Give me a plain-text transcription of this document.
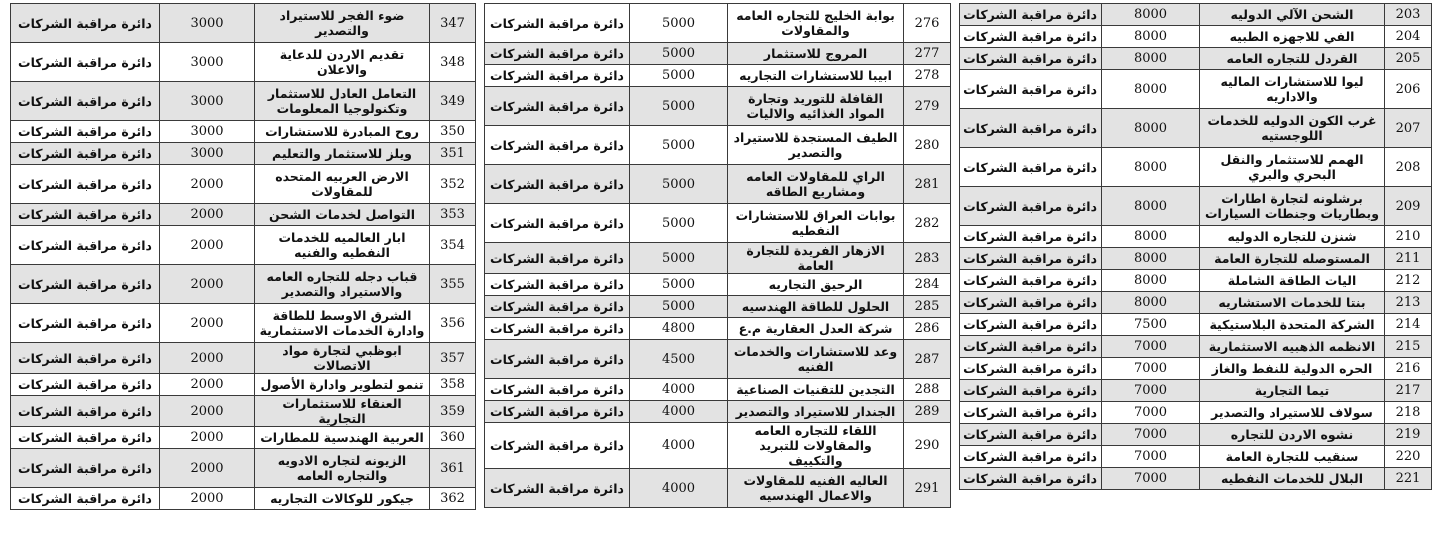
دائرة مراقبة الشركات	8000	الشحن الآلي الدوليه	203
دائرة مراقبة الشركات	8000	الفي للاجهزه الطبيه	204
دائرة مراقبة الشركات	8000	القردل للتجاره العامه	205
دائرة مراقبة الشركات	8000	ليوا للاستشارات الماليه والاداريه	206
دائرة مراقبة الشركات	8000	غرب الكون الدوليه للخدمات اللوجستيه	207
دائرة مراقبة الشركات	8000	الهمم للاستثمار والنقل البحري والبري	208
دائرة مراقبة الشركات	8000	برشلونه لتجارة اطارات وبطاريات وجنطات السيارات	209
دائرة مراقبة الشركات	8000	شنزن للتجاره الدوليه	210
دائرة مراقبة الشركات	8000	المستوصله للتجارة العامة	211
دائرة مراقبة الشركات	8000	اليات الطاقة الشاملة	212
دائرة مراقبة الشركات	8000	بنتا للخدمات الاستشاريه	213
دائرة مراقبة الشركات	7500	الشركة المتحدة البلاستيكية	214
دائرة مراقبة الشركات	7000	الانظمه الذهبيه الاستثمارية	215
دائرة مراقبة الشركات	7000	الحره الدولية للنفط والغاز	216
دائرة مراقبة الشركات	7000	تيما التجارية	217
دائرة مراقبة الشركات	7000	سولاف للاستيراد والتصدير	218
دائرة مراقبة الشركات	7000	نشوه الاردن للتجاره	219
دائرة مراقبة الشركات	7000	سنقيب للتجارة العامة	220
دائرة مراقبة الشركات	7000	البلال للخدمات النفطيه	221
دائرة مراقبة الشركات	5000	بوابة الخليج للتجاره العامه والمقاولات	276
دائرة مراقبة الشركات	5000	المروج للاستثمار	277
دائرة مراقبة الشركات	5000	ابيبا للاستشارات التجاريه	278
دائرة مراقبة الشركات	5000	القافلة للتوريد وتجارة المواد الغذائيه والاليات	279
دائرة مراقبة الشركات	5000	الطيف المستجدة للاستيراد والتصدير	280
دائرة مراقبة الشركات	5000	الراي للمقاولات العامه ومشاريع الطاقه	281
دائرة مراقبة الشركات	5000	بوابات العراق للاستشارات النفطيه	282
دائرة مراقبة الشركات	5000	الازهار الفريدة للتجارة العامة	283
دائرة مراقبة الشركات	5000	الرحيق التجاريه	284
دائرة مراقبة الشركات	5000	الحلول للطاقة الهندسيه	285
دائرة مراقبة الشركات	4800	شركة العدل العقارية م.ع	286
دائرة مراقبة الشركات	4500	وعد للاستشارات والخدمات الفنيه	287
دائرة مراقبة الشركات	4000	التجدين للتقنيات الصناعية	288
دائرة مراقبة الشركات	4000	الجندار للاستيراد والتصدير	289
دائرة مراقبة الشركات	4000	اللقاء للتجاره العامه والمقاولات للتبريد والتكييف	290
دائرة مراقبة الشركات	4000	العاليه الفنيه للمقاولات والاعمال الهندسيه	291
دائرة مراقبة الشركات	3000	ضوء الفجر للاستيراد والتصدير	347
دائرة مراقبة الشركات	3000	تقديم الاردن للدعاية والاعلان	348
دائرة مراقبة الشركات	3000	التعامل العادل للاستثمار وتكنولوجيا المعلومات	349
دائرة مراقبة الشركات	3000	روح المبادرة للاستشارات	350
دائرة مراقبة الشركات	3000	ويلز للاستثمار والتعليم	351
دائرة مراقبة الشركات	2000	الارض العربيه المتحده للمقاولات	352
دائرة مراقبة الشركات	2000	التواصل لخدمات الشحن	353
دائرة مراقبة الشركات	2000	ابار العالميه للخدمات النفطيه والفنيه	354
دائرة مراقبة الشركات	2000	قباب دجله للتجاره العامه والاستيراد والتصدير	355
دائرة مراقبة الشركات	2000	الشرق الاوسط للطاقة وادارة الخدمات الاستثمارية	356
دائرة مراقبة الشركات	2000	ابوظبي لتجارة مواد الاتصالات	357
دائرة مراقبة الشركات	2000	تنمو لتطوير وادارة الأصول	358
دائرة مراقبة الشركات	2000	العنقاء للاستثمارات التجارية	359
دائرة مراقبة الشركات	2000	العربية الهندسية للمطارات	360
دائرة مراقبة الشركات	2000	الزيونه لتجاره الادويه والتجاره العامه	361
دائرة مراقبة الشركات	2000	جيكور للوكالات التجاريه	362
